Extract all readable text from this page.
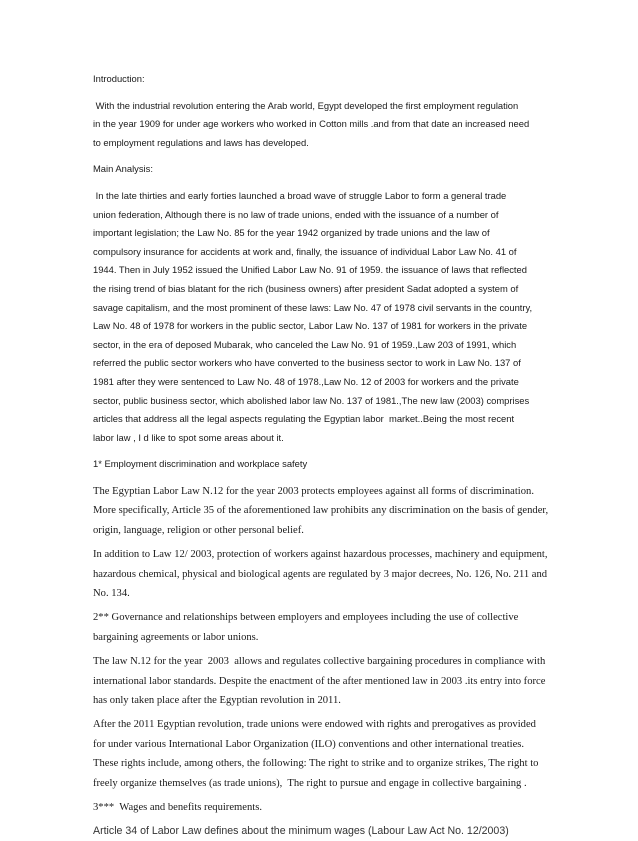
Introduction:

With the industrial revolution entering the Arab world, Egypt developed the first employment regulation

in the year 1909 for under age workers who worked in Cotton mills .and from that date an increased need

to employment regulations and laws has developed.

Main Analysis:

In the late thirties and early forties launched a broad wave of struggle Labor to form a general trade

union federation, Although there is no law of trade unions, ended with the issuance of a number of

important legislation; the Law No. 85 for the year 1942 organized by trade unions and the law of

compulsory insurance for accidents at work and, finally, the issuance of individual Labor Law No. 41 of

1944. Then in July 1952 issued the Unified Labor Law No. 91 of 1959. the issuance of laws that reflected

the rising trend of bias blatant for the rich (business owners) after president Sadat adopted a system of

savage capitalism, and the most prominent of these laws: Law No. 47 of 1978 civil servants in the country,

Law No. 48 of 1978 for workers in the public sector, Labor Law No. 137 of 1981 for workers in the private

sector, in the era of deposed Mubarak, who canceled the Law No. 91 of 1959.,Law 203 of 1991, which

referred the public sector workers who have converted to the business sector to work in Law No. 137 of

1981 after they were sentenced to Law No. 48 of 1978.,Law No. 12 of 2003 for workers and the private

sector, public business sector, which abolished labor law No. 137 of 1981.,The new law (2003) comprises

articles that address all the legal aspects regulating the Egyptian labor  market..Being the most recent

labor law , I d like to spot some areas about it.

1* Employment discrimination and workplace safety

The Egyptian Labor Law N.12 for the year 2003 protects employees against all forms of discrimination.

More specifically, Article 35 of the aforementioned law prohibits any discrimination on the basis of gender,

origin, language, religion or other personal belief.

In addition to Law 12/ 2003, protection of workers against hazardous processes, machinery and equipment,

hazardous chemical, physical and biological agents are regulated by 3 major decrees, No. 126, No. 211 and

No. 134.

2** Governance and relationships between employers and employees including the use of collective

bargaining agreements or labor unions.

The law N.12 for the year  2003  allows and regulates collective bargaining procedures in compliance with

international labor standards. Despite the enactment of the after mentioned law in 2003 .its entry into force

has only taken place after the Egyptian revolution in 2011.

After the 2011 Egyptian revolution, trade unions were endowed with rights and prerogatives as provided

for under various International Labor Organization (ILO) conventions and other international treaties.

These rights include, among others, the following: The right to strike and to organize strikes, The right to

freely organize themselves (as trade unions),  The right to pursue and engage in collective bargaining .

3***  Wages and benefits requirements.

Article 34 of Labor Law defines about the minimum wages (Labour Law Act No. 12/2003)
